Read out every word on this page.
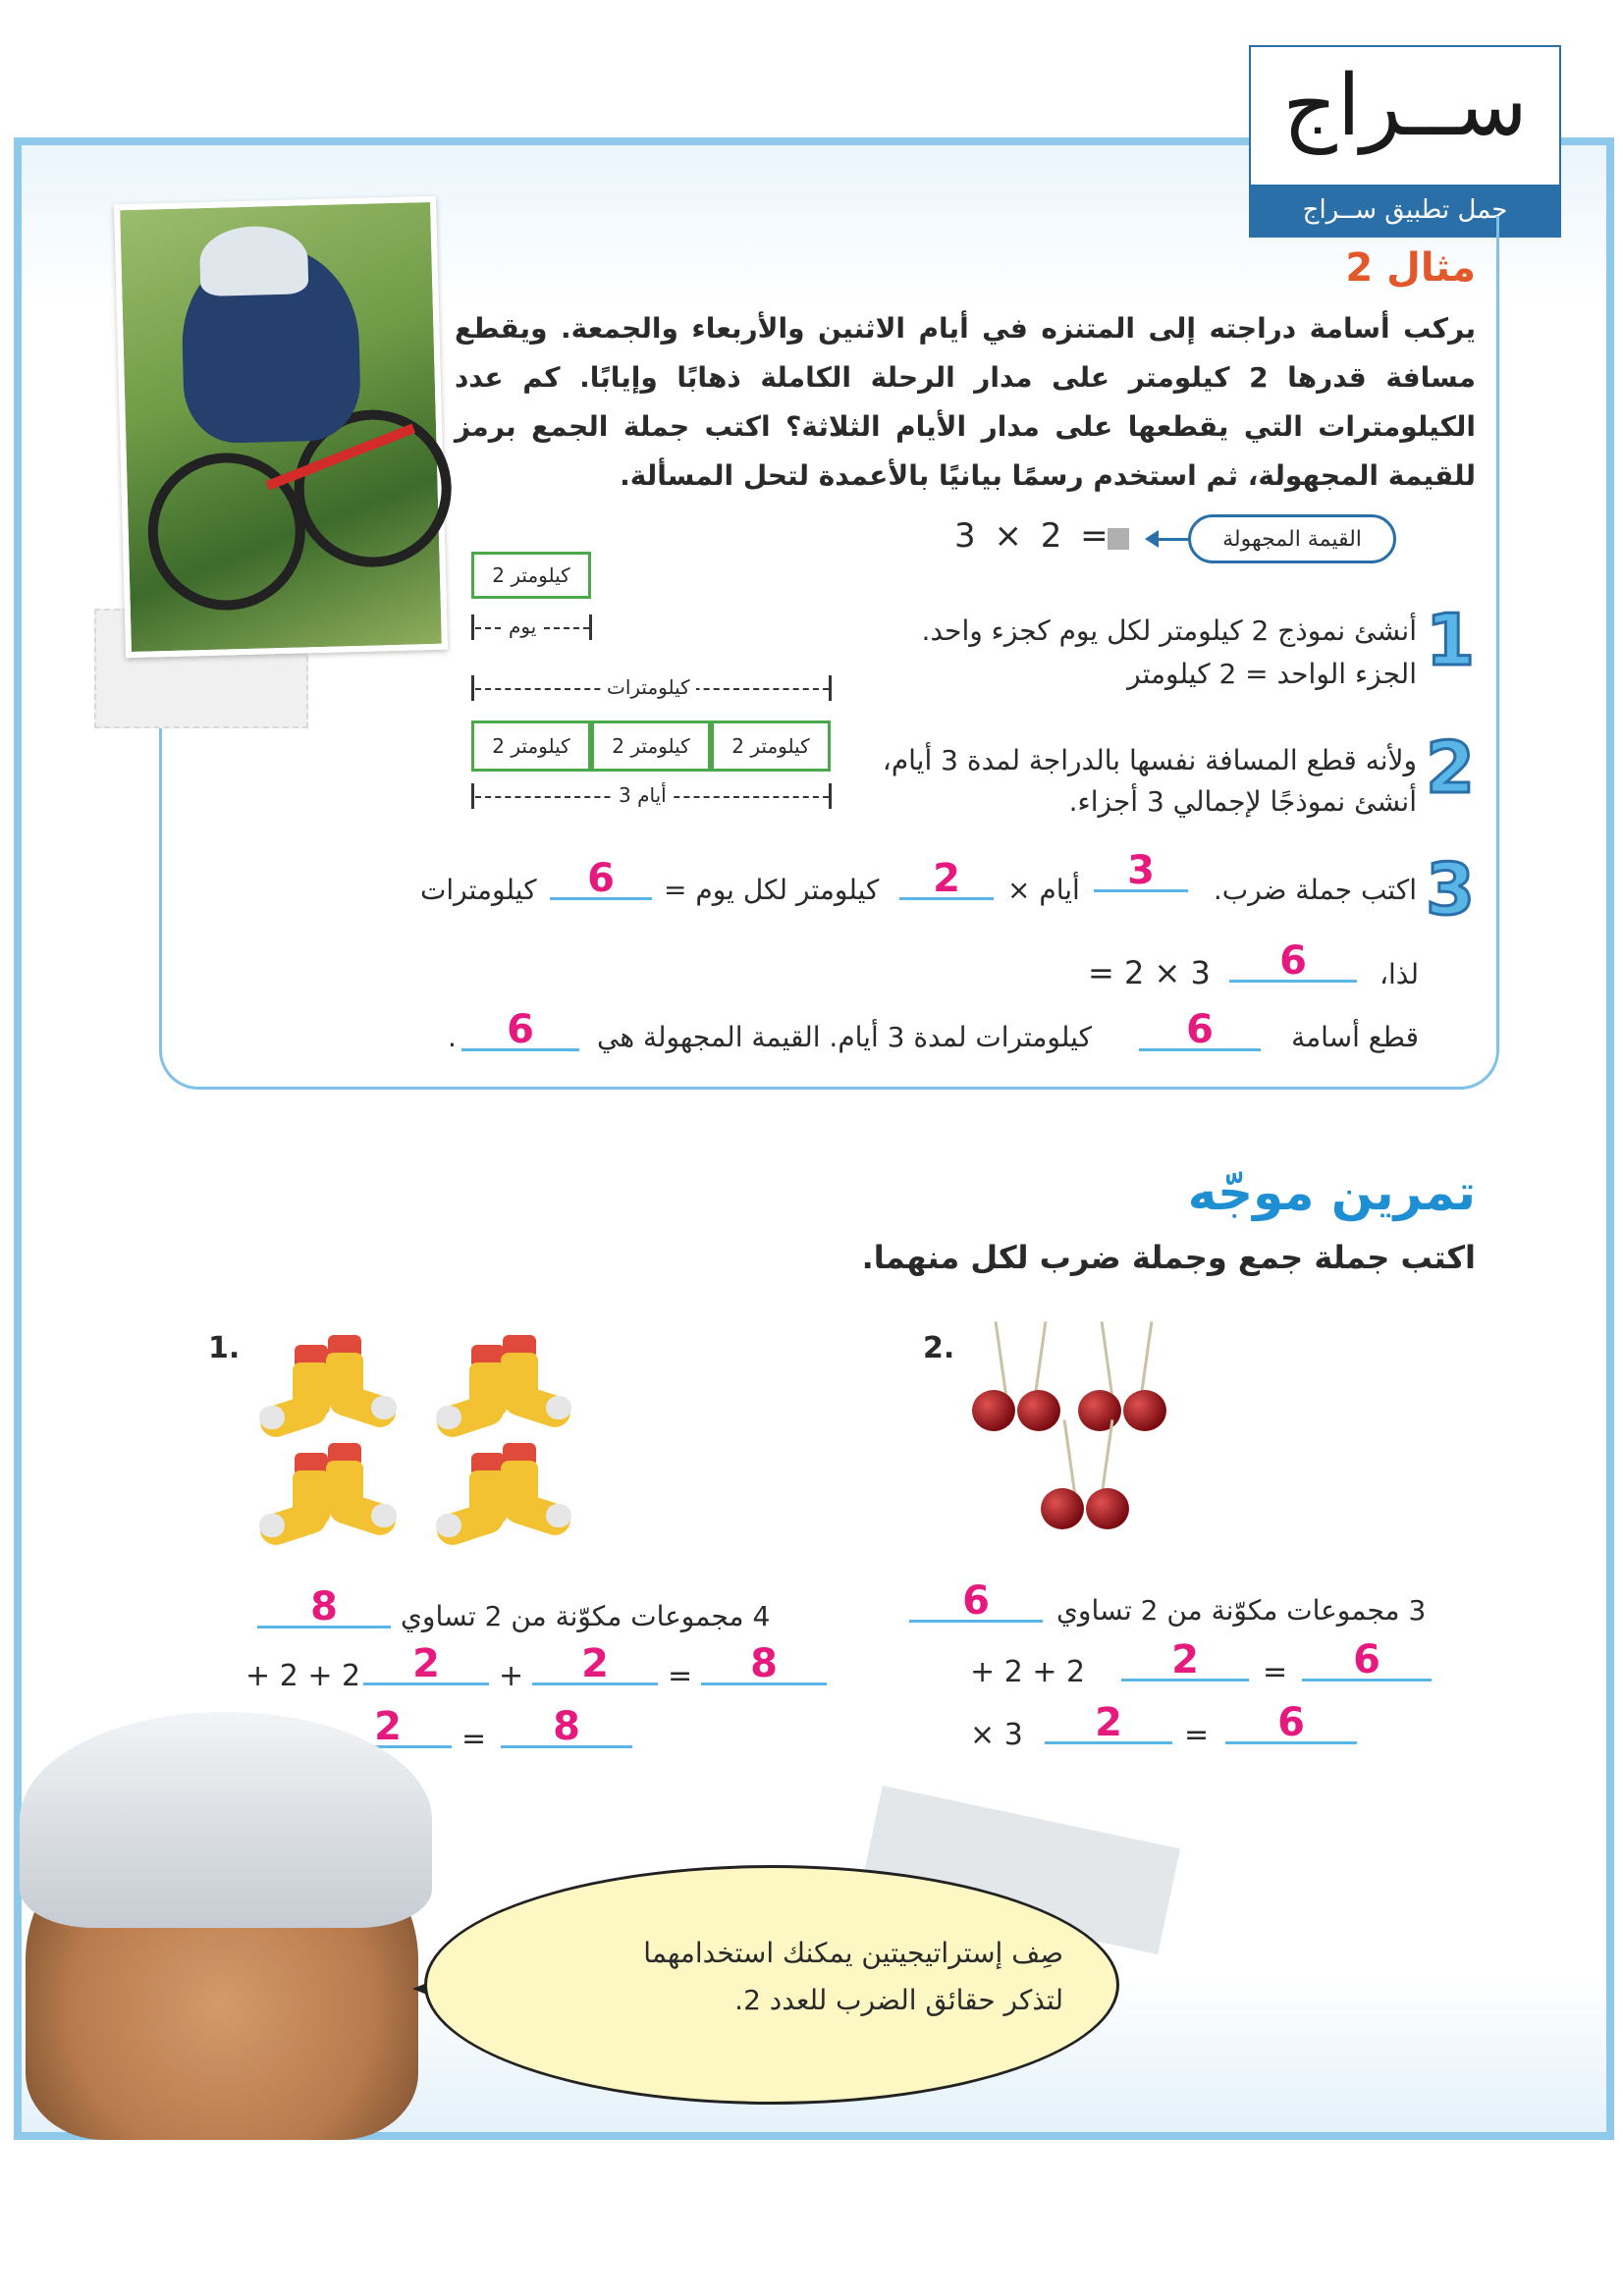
ســراج
حمل تطبيق ســراج
مثال 2
يركب أسامة دراجته إلى المتنزه في أيام الاثنين والأربعاء والجمعة. ويقطع مسافة قدرها 2 كيلومتر على مدار الرحلة الكاملة ذهابًا وإيابًا. كم عدد الكيلومترات التي يقطعها على مدار الأيام الثلاثة؟ اكتب جملة الجمع برمز للقيمة المجهولة، ثم استخدم رسمًا بيانيًا بالأعمدة لتحل المسألة.
القيمة المجهولة
3 × 2 =
2 كيلومتر
يوم
كيلومترات
2 كيلومتر	2 كيلومتر	2 كيلومتر
3 أيام
1
أنشئ نموذج 2 كيلومتر لكل يوم كجزء واحد.
الجزء الواحد = 2 كيلومتر
2
ولأنه قطع المسافة نفسها بالدراجة لمدة 3 أيام،
أنشئ نموذجًا لإجمالي 3 أجزاء.
3
اكتب جملة ضرب.
3
أيام ×
2
كيلومتر لكل يوم =
6
كيلومترات
لذا،
6
3 × 2 =
قطع أسامة
6
كيلومترات لمدة 3 أيام. القيمة المجهولة هي
6
.
تمرين موجّه
اكتب جملة جمع وجملة ضرب لكل منهما.
1.
4 مجموعات مكوّنة من 2 تساوي
8
2 + 2 +	2	+	2	=	8
2	=	8
2.
3 مجموعات مكوّنة من 2 تساوي
6
2 + 2 +	2	=	6
3 ×	2	=	6
صِف إستراتيجيتين يمكنك استخدامهما
لتذكر حقائق الضرب للعدد 2.
